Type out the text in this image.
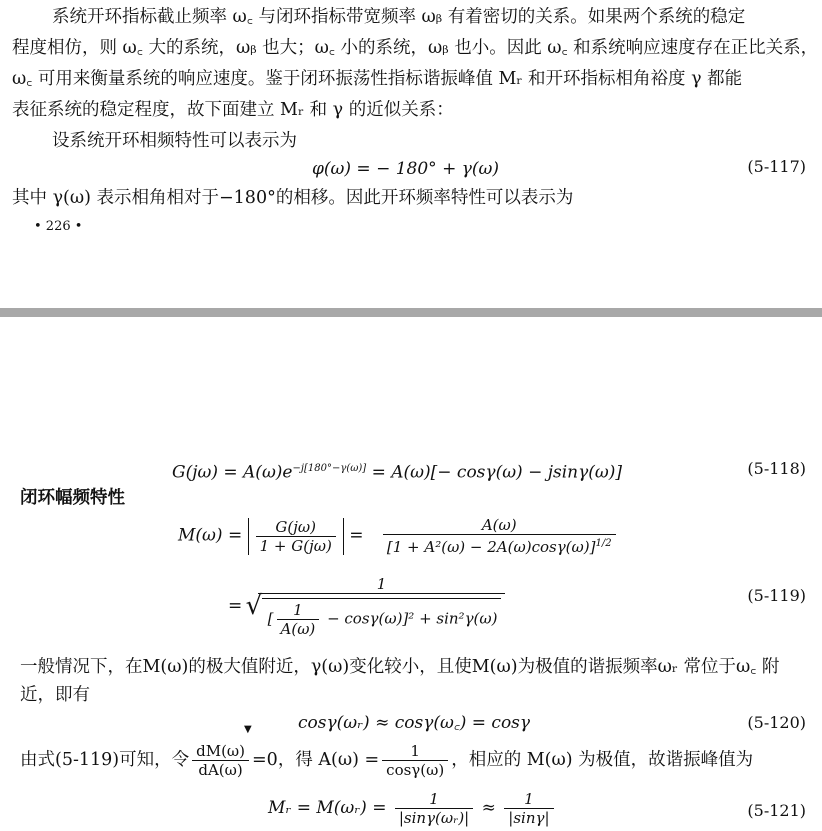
系统开环指标截止频率 ω꜀ 与闭环指标带宽频率 ωᵦ 有着密切的关系。如果两个系统的稳定
程度相仿，则 ω꜀ 大的系统，ωᵦ 也大；ω꜀ 小的系统，ωᵦ 也小。因此 ω꜀ 和系统响应速度存在正比关系，
ω꜀ 可用来衡量系统的响应速度。鉴于闭环振荡性指标谐振峰值 Mᵣ 和开环指标相角裕度 γ 都能
表征系统的稳定程度，故下面建立 Mᵣ 和 γ 的近似关系：
设系统开环相频特性可以表示为
φ(ω) = − 180° + γ(ω)	(5-117)
其中 γ(ω) 表示相角相对于−180°的相移。因此开环频率特性可以表示为
• 226 •
$G(j\omega) = A(\omega)e^{-j[180^\circ-\gamma(\omega)]} = A(\omega)[- \cos\gamma(\omega) - jsin\gamma(\omega)]$	(5-118)
闭环幅频特性
$M(\omega) = \frac{G(j\omega)}{1 + G(j\omega)} = \frac{A(\omega)}{[1 + A^2(\omega) - 2A(\omega)\cos\gamma(\omega)]^{1/2}}$
= 1
√ [ $\frac{1}{A(\omega)} - \cos\gamma(\omega)]^2 + \sin^2\gamma(\omega)$	(5-119)
一般情况下，在M(ω)的极大值附近，γ(ω)变化较小，且使M(ω)为极值的谐振频率ωᵣ 常位于ω꜀ 附
近，即有
▼	cosγ(ωᵣ) ≈ cosγ(ω꜀) = cosγ	(5-120)
由式(5-119)可知，令 $\frac{dM(\omega)}{dA(\omega)} =0$，得 $A(\omega) = \frac{1}{\cos\gamma(\omega)}$ ，相应的 M(ω) 为极值，故谐振峰值为
Mᵣ = M(ωᵣ) = $\frac{1}{\text{|sinγ(ωᵣ)|}} \approx \frac{1}{|\sin\gamma|}$	(5-121)
